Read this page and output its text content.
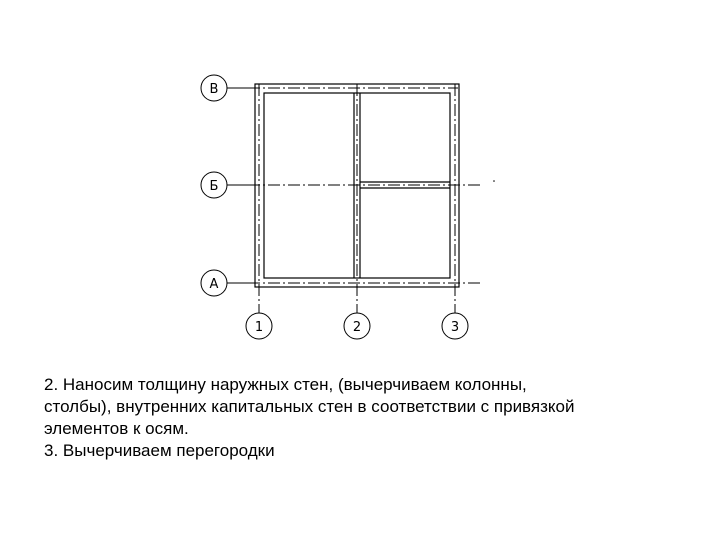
В
Б
А
1	2	3
2. Наносим толщину наружных стен, (вычерчиваем колонны,
столбы), внутренних капитальных стен в соответствии с привязкой
элементов к осям.
3. Вычерчиваем перегородки
